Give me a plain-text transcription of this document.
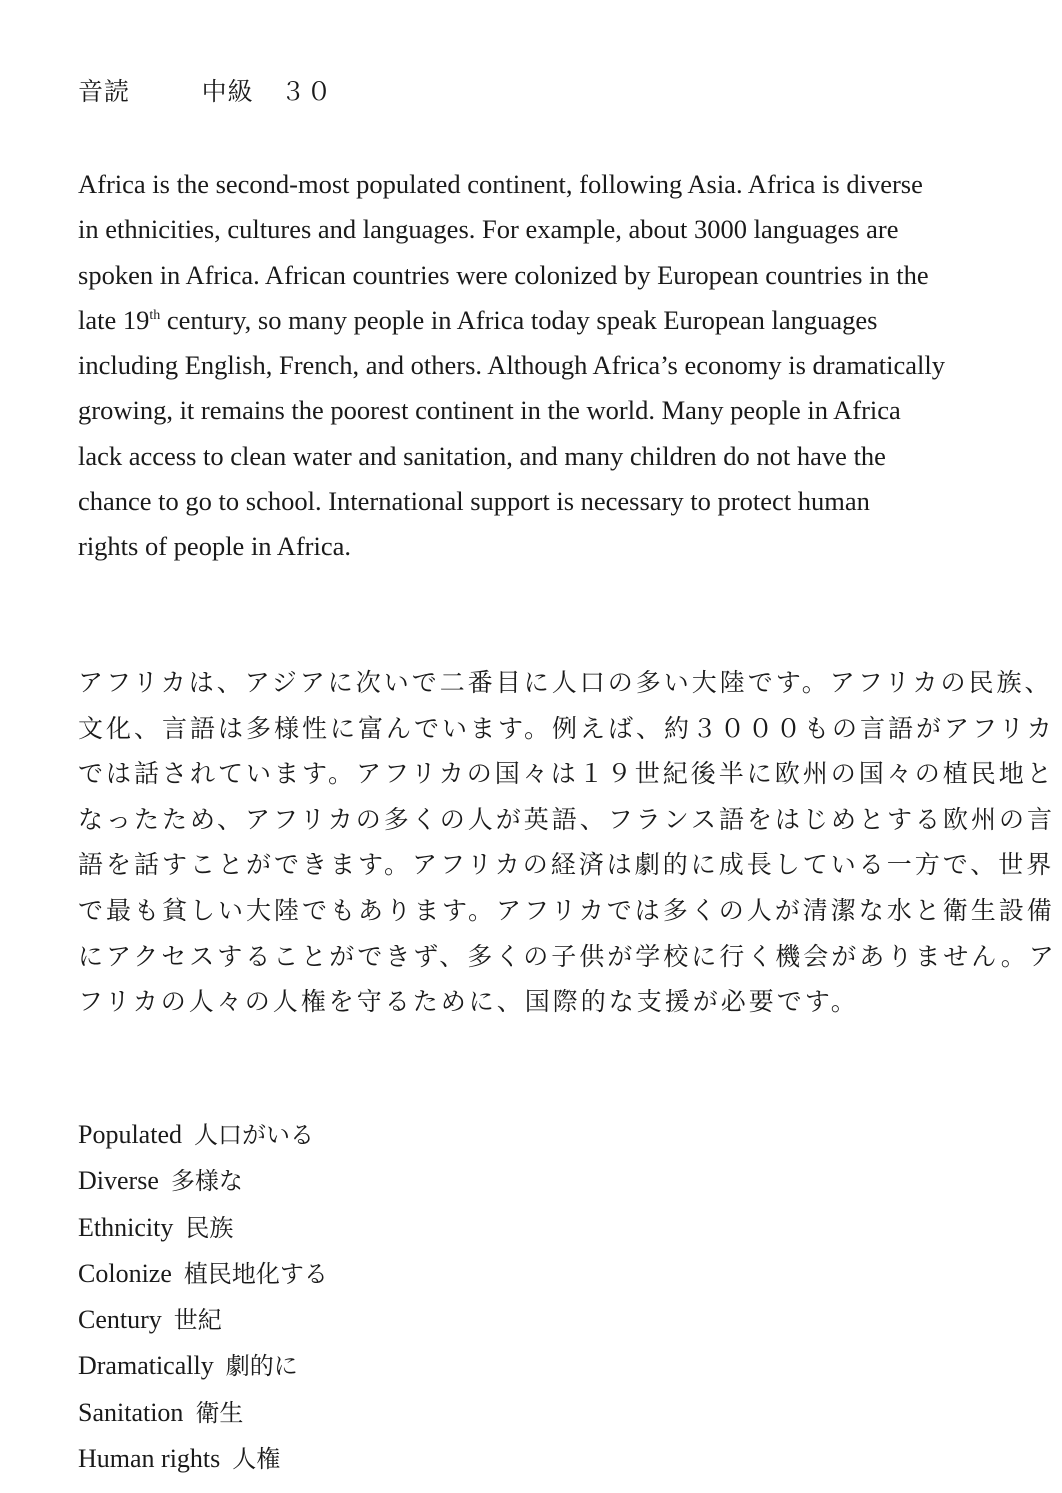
音読	中級 ３０
Africa is the second-most populated continent, following Asia. Africa is diverse
in ethnicities, cultures and languages. For example, about 3000 languages are
spoken in Africa. African countries were colonized by European countries in the
late 19th century, so many people in Africa today speak European languages
including English, French, and others. Although Africa’s economy is dramatically
growing, it remains the poorest continent in the world. Many people in Africa
lack access to clean water and sanitation, and many children do not have the
chance to go to school. International support is necessary to protect human
rights of people in Africa.
アフリカは、アジアに次いで二番目に人口の多い大陸です。アフリカの民族、
文化、言語は多様性に富んでいます。例えば、約３０００もの言語がアフリカ
では話されています。アフリカの国々は１９世紀後半に欧州の国々の植民地と
なったため、アフリカの多くの人が英語、フランス語をはじめとする欧州の言
語を話すことができます。アフリカの経済は劇的に成長している一方で、世界
で最も貧しい大陸でもあります。アフリカでは多くの人が清潔な水と衛生設備
にアクセスすることができず、多くの子供が学校に行く機会がありません。ア
フリカの人々の人権を守るために、国際的な支援が必要です。
Populated 人口がいる
Diverse 多様な
Ethnicity 民族
Colonize 植民地化する
Century 世紀
Dramatically 劇的に
Sanitation 衛生
Human rights 人権
